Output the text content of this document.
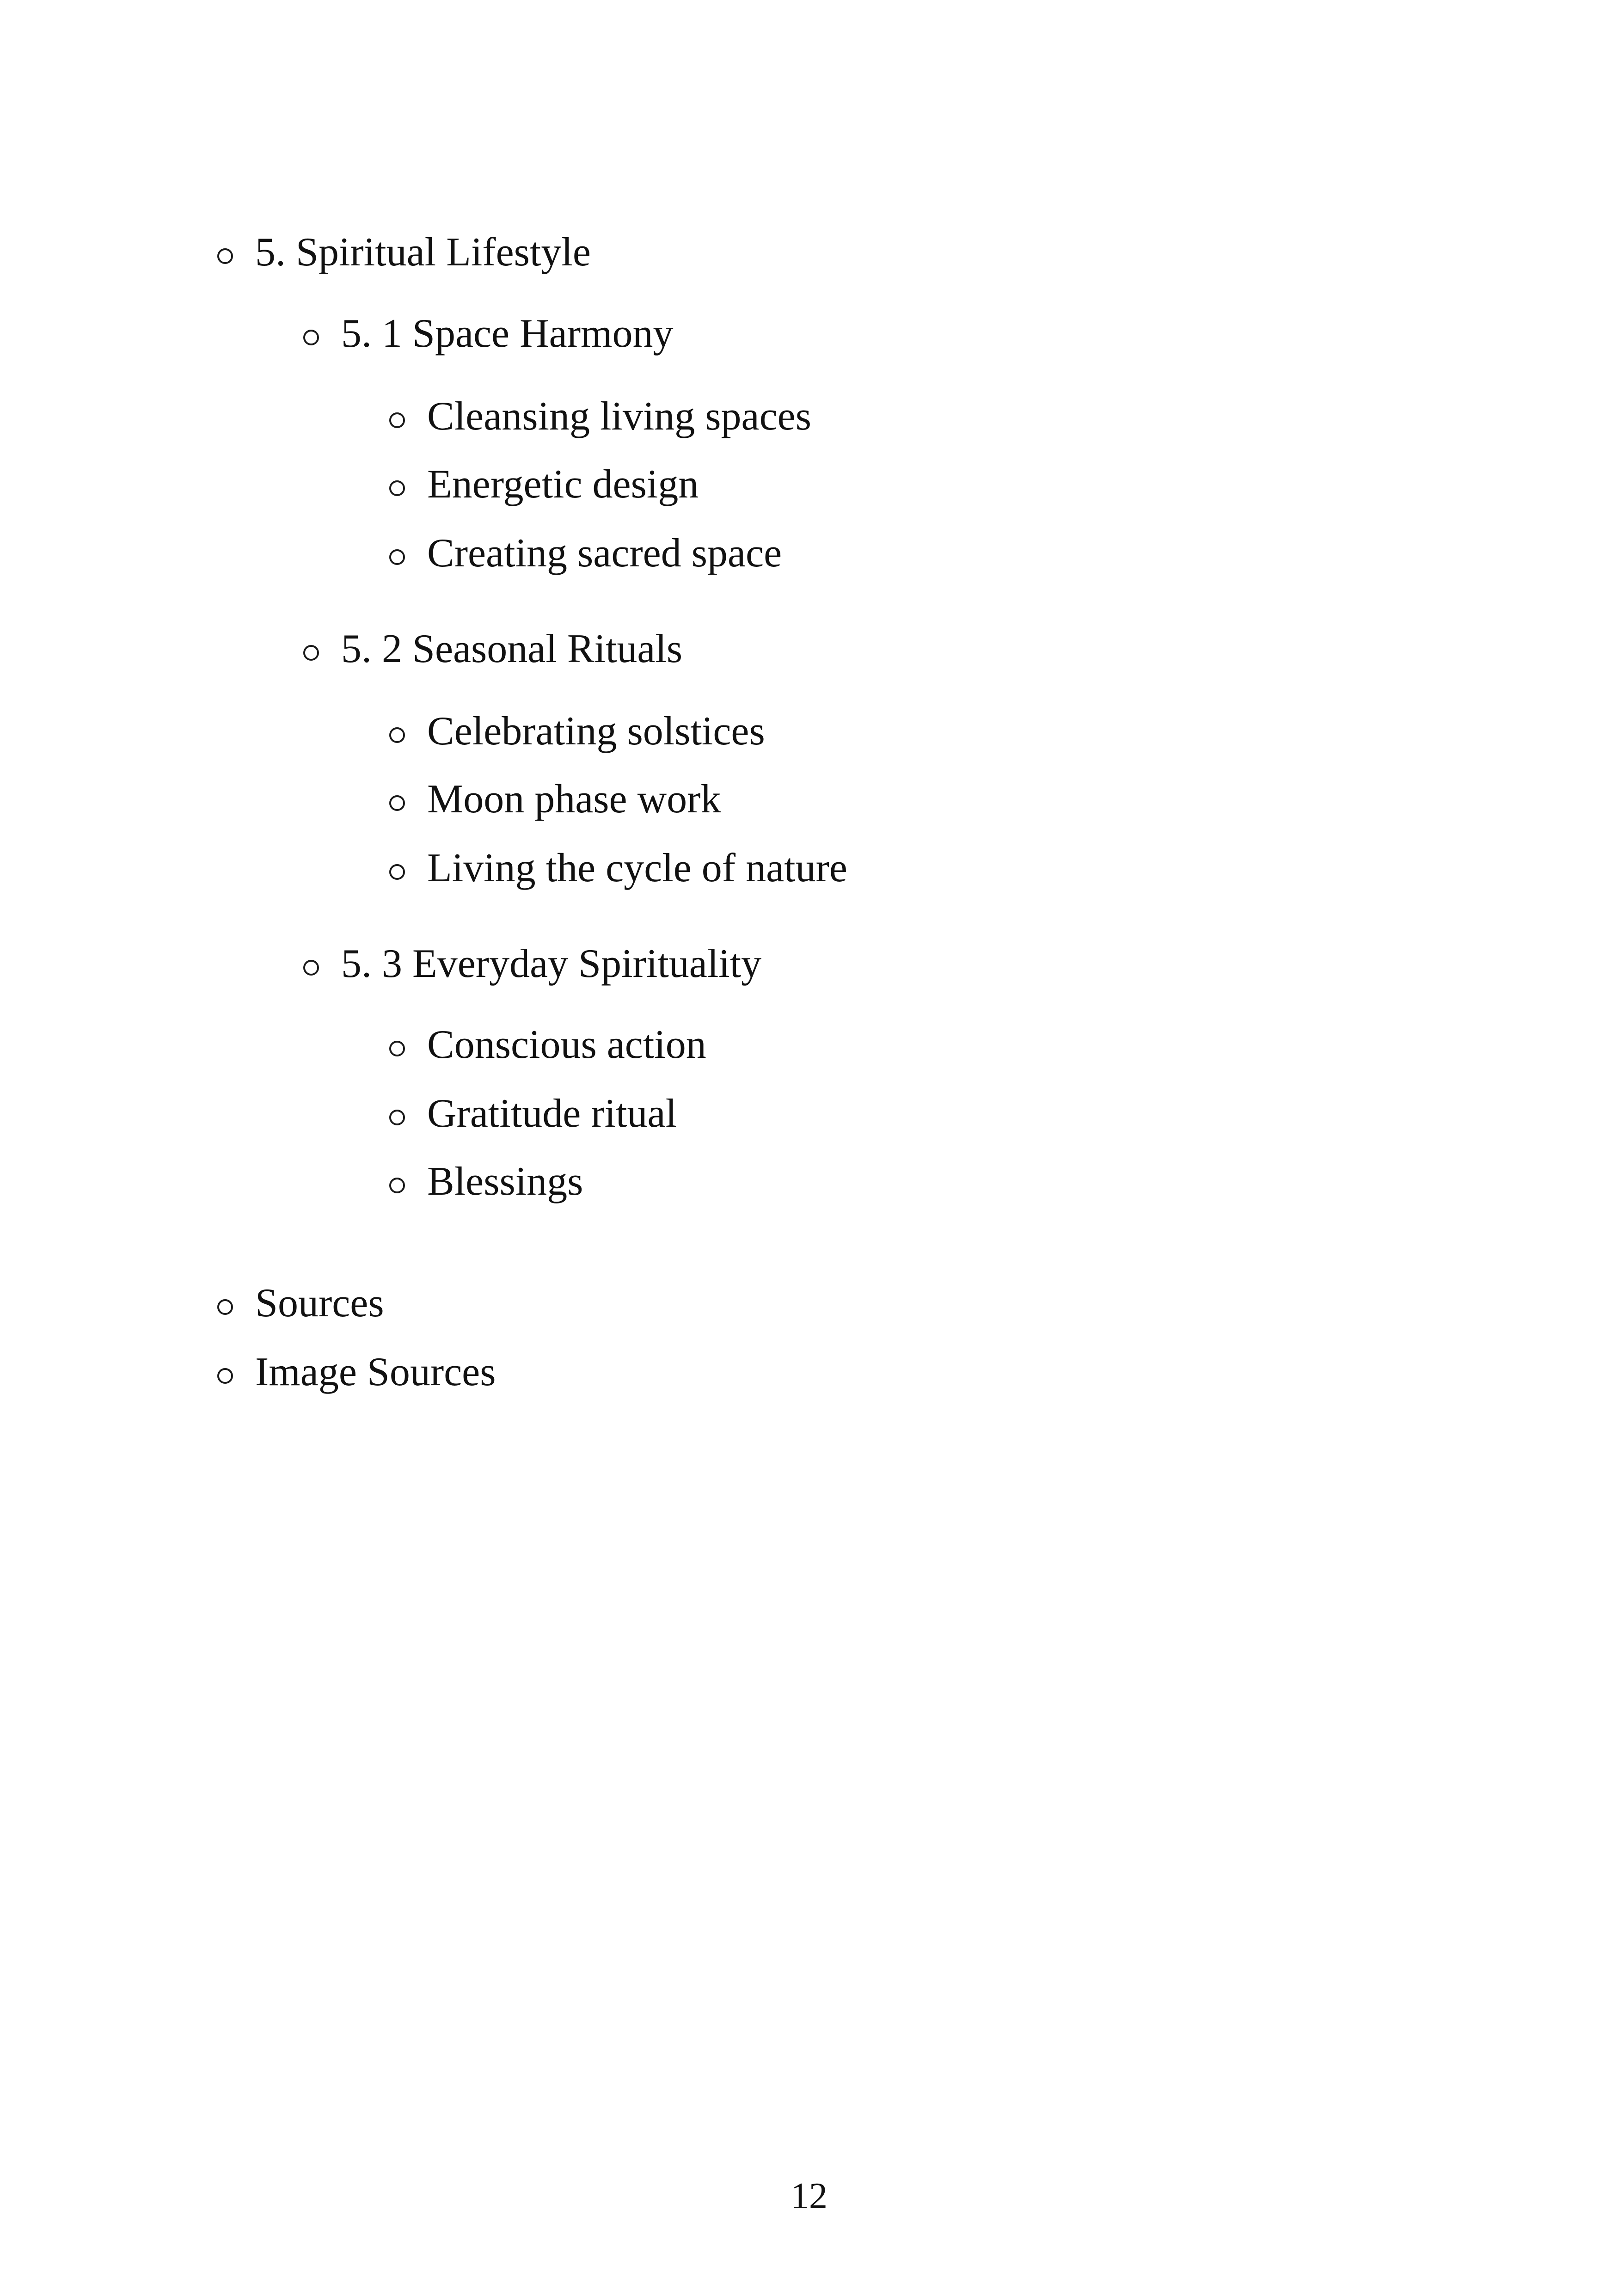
5. Spiritual Lifestyle
5. 1 Space Harmony
Cleansing living spaces
Energetic design
Creating sacred space
5. 2 Seasonal Rituals
Celebrating solstices
Moon phase work
Living the cycle of nature
5. 3 Everyday Spirituality
Conscious action
Gratitude ritual
Blessings
Sources
Image Sources
12
